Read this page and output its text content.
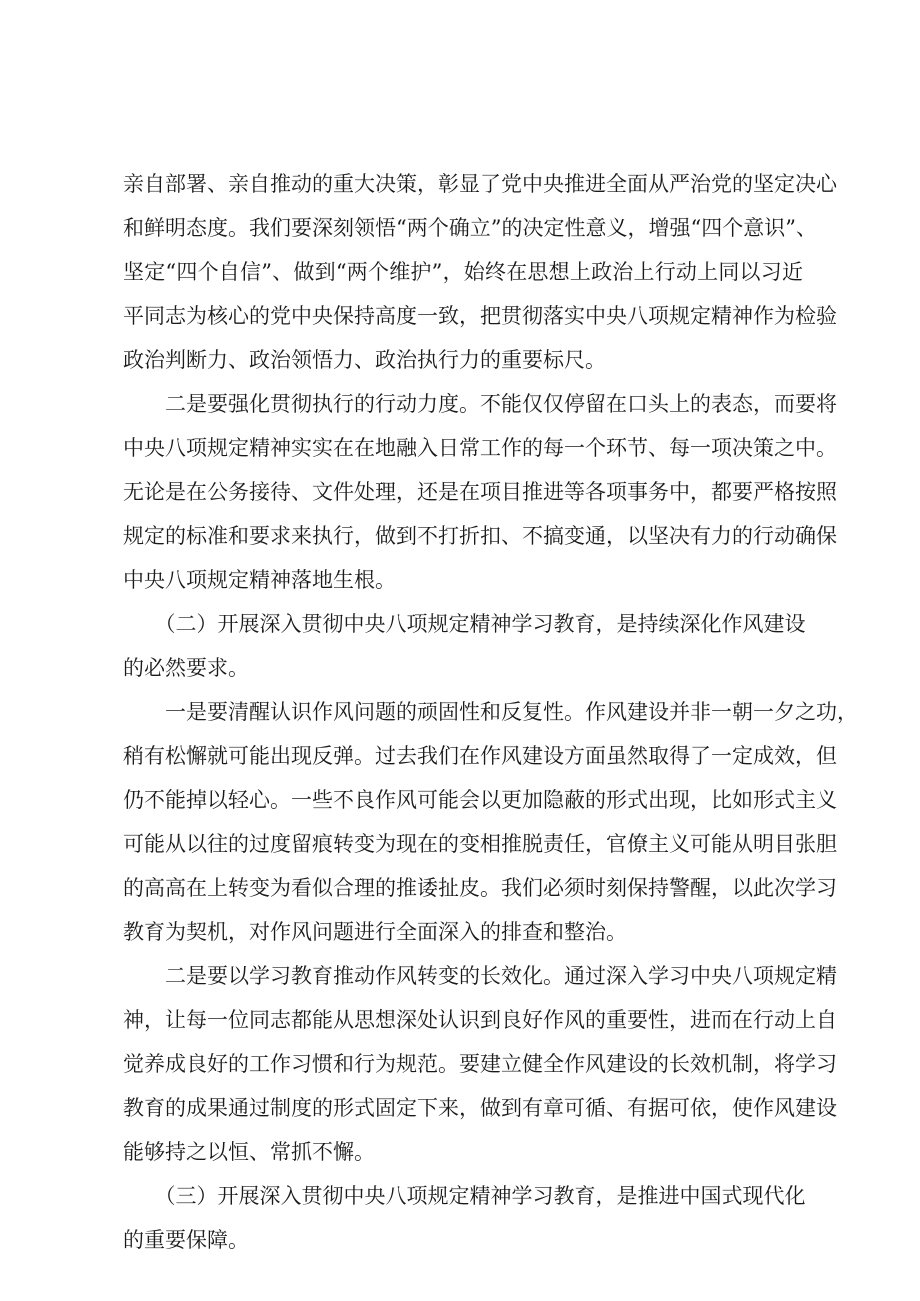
亲自部署、亲自推动的重大决策，彰显了党中央推进全面从严治党的坚定决心
和鲜明态度。我们要深刻领悟“两个确立”的决定性意义，增强“四个意识”、
坚定“四个自信”、做到“两个维护”，始终在思想上政治上行动上同以习近
平同志为核心的党中央保持高度一致，把贯彻落实中央八项规定精神作为检验
政治判断力、政治领悟力、政治执行力的重要标尺。
　　二是要强化贯彻执行的行动力度。不能仅仅停留在口头上的表态，而要将
中央八项规定精神实实在在地融入日常工作的每一个环节、每一项决策之中。
无论是在公务接待、文件处理，还是在项目推进等各项事务中，都要严格按照
规定的标准和要求来执行，做到不打折扣、不搞变通，以坚决有力的行动确保
中央八项规定精神落地生根。
　　（二）开展深入贯彻中央八项规定精神学习教育，是持续深化作风建设
的必然要求。
　　一是要清醒认识作风问题的顽固性和反复性。作风建设并非一朝一夕之功，
稍有松懈就可能出现反弹。过去我们在作风建设方面虽然取得了一定成效，但
仍不能掉以轻心。一些不良作风可能会以更加隐蔽的形式出现，比如形式主义
可能从以往的过度留痕转变为现在的变相推脱责任，官僚主义可能从明目张胆
的高高在上转变为看似合理的推诿扯皮。我们必须时刻保持警醒，以此次学习
教育为契机，对作风问题进行全面深入的排查和整治。
　　二是要以学习教育推动作风转变的长效化。通过深入学习中央八项规定精
神，让每一位同志都能从思想深处认识到良好作风的重要性，进而在行动上自
觉养成良好的工作习惯和行为规范。要建立健全作风建设的长效机制，将学习
教育的成果通过制度的形式固定下来，做到有章可循、有据可依，使作风建设
能够持之以恒、常抓不懈。
　　（三）开展深入贯彻中央八项规定精神学习教育，是推进中国式现代化
的重要保障。
